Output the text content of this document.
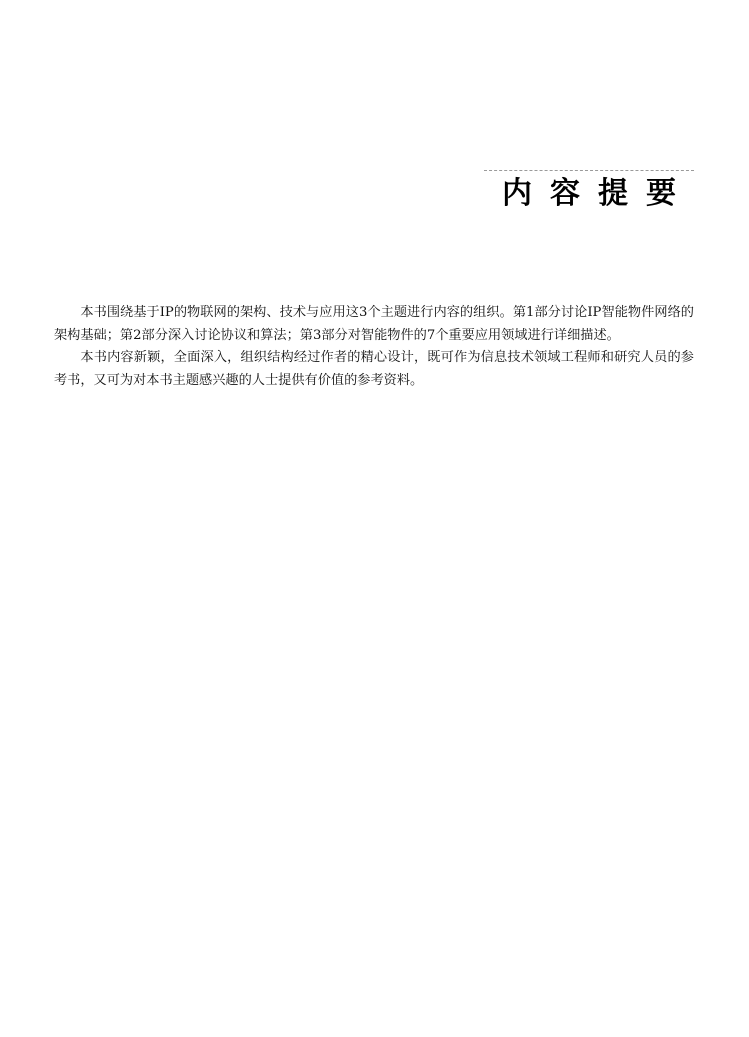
内容提要

本书围绕基于IP的物联网的架构、技术与应用这3个主题进行内容的组织。第1部分讨论IP智能物件网络的架构基础；第2部分深入讨论协议和算法；第3部分对智能物件的7个重要应用领域进行详细描述。

本书内容新颖，全面深入，组织结构经过作者的精心设计，既可作为信息技术领域工程师和研究人员的参考书，又可为对本书主题感兴趣的人士提供有价值的参考资料。
